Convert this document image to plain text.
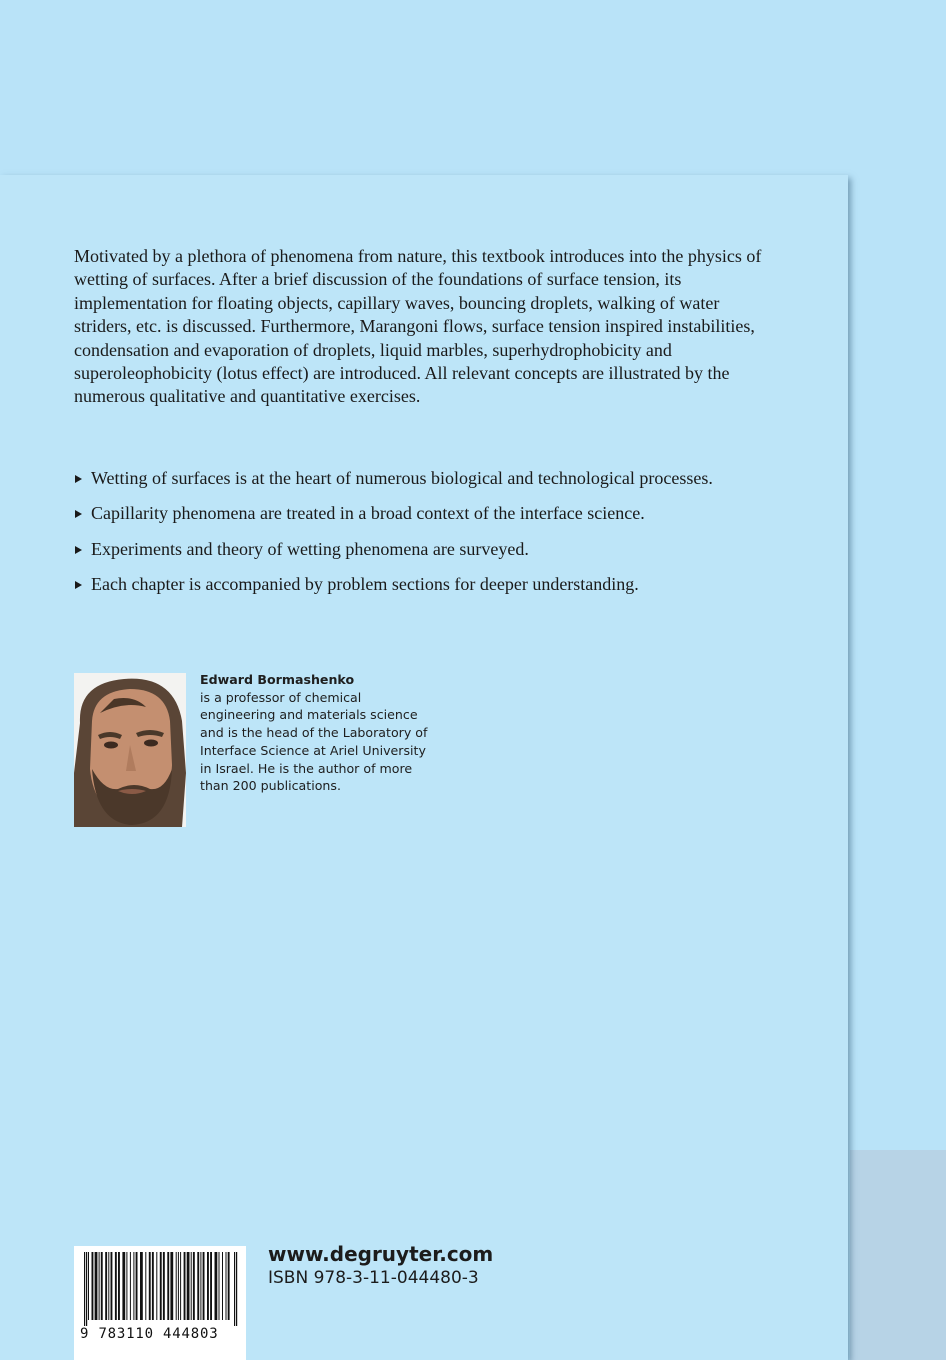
Motivated by a plethora of phenomena from nature, this textbook introduces into the physics of wetting of surfaces. After a brief discussion of the foundations of surface tension, its implementation for floating objects, capillary waves, bouncing droplets, walking of water striders, etc. is discussed. Furthermore, Marangoni flows, surface tension inspired instabilities, condensation and evaporation of droplets, liquid marbles, superhydrophobicity and superoleophobicity (lotus effect) are introduced. All relevant concepts are illustrated by the numerous qualitative and quantitative exercises.

Wetting of surfaces is at the heart of numerous biological and technological processes.
Capillarity phenomena are treated in a broad context of the interface science.
Experiments and theory of wetting phenomena are surveyed.
Each chapter is accompanied by problem sections for deeper understanding.
Edward Bormashenko
is a professor of chemical engineering and materials science and is the head of the Laboratory of Interface Science at Ariel University in Israel. He is the author of more than 200 publications.
9 783110 444803
www.degruyter.com
ISBN 978-3-11-044480-3
